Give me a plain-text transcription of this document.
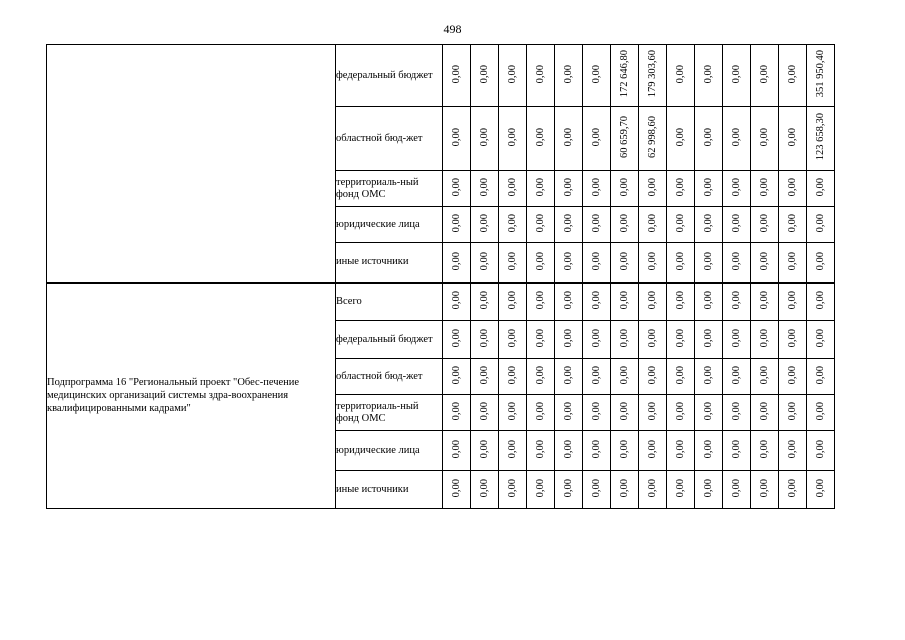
498
	федеральный бюджет	0,00	0,00	0,00	0,00	0,00	0,00	172 646,80	179 303,60	0,00	0,00	0,00	0,00	0,00	351 950,40
	областной бюд-жет	0,00	0,00	0,00	0,00	0,00	0,00	60 659,70	62 998,60	0,00	0,00	0,00	0,00	0,00	123 658,30
	территориаль-ный фонд ОМС	0,00	0,00	0,00	0,00	0,00	0,00	0,00	0,00	0,00	0,00	0,00	0,00	0,00	0,00
	юридические лица	0,00	0,00	0,00	0,00	0,00	0,00	0,00	0,00	0,00	0,00	0,00	0,00	0,00	0,00
	иные источники	0,00	0,00	0,00	0,00	0,00	0,00	0,00	0,00	0,00	0,00	0,00	0,00	0,00	0,00
Подпрограмма 16 "Региональный проект "Обес-печение медицинских организаций системы здра-воохранения квалифицированными кадрами"	Всего	0,00	0,00	0,00	0,00	0,00	0,00	0,00	0,00	0,00	0,00	0,00	0,00	0,00	0,00
	федеральный бюджет	0,00	0,00	0,00	0,00	0,00	0,00	0,00	0,00	0,00	0,00	0,00	0,00	0,00	0,00
	областной бюд-жет	0,00	0,00	0,00	0,00	0,00	0,00	0,00	0,00	0,00	0,00	0,00	0,00	0,00	0,00
	территориаль-ный фонд ОМС	0,00	0,00	0,00	0,00	0,00	0,00	0,00	0,00	0,00	0,00	0,00	0,00	0,00	0,00
	юридические лица	0,00	0,00	0,00	0,00	0,00	0,00	0,00	0,00	0,00	0,00	0,00	0,00	0,00	0,00
	иные источники	0,00	0,00	0,00	0,00	0,00	0,00	0,00	0,00	0,00	0,00	0,00	0,00	0,00	0,00
